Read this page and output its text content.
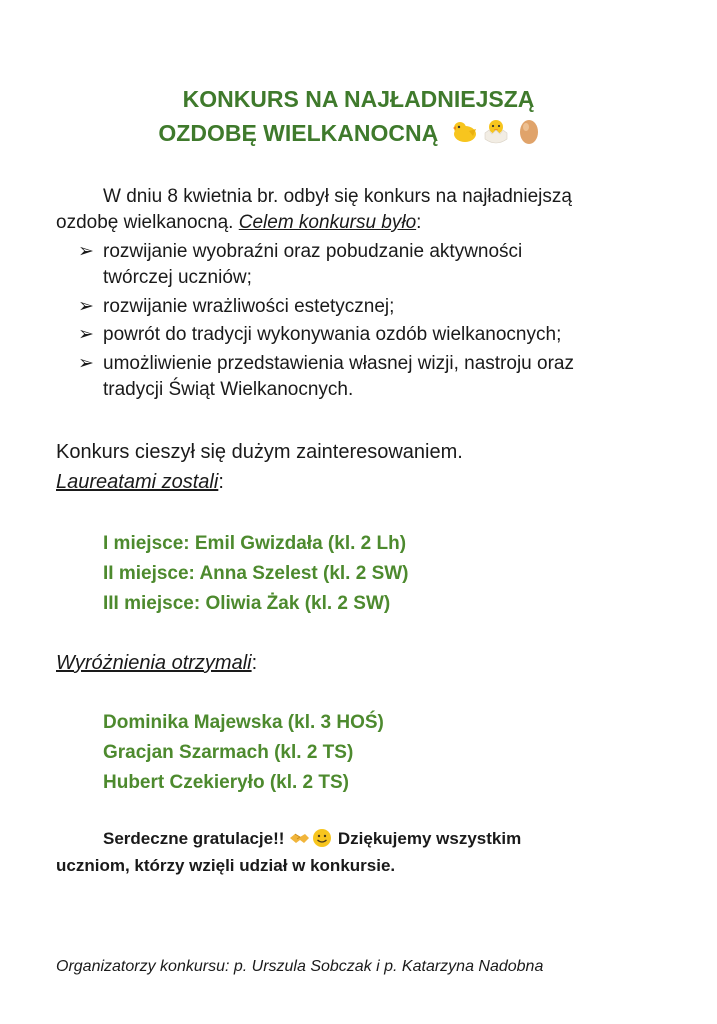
KONKURS NA NAJŁADNIEJSZĄ
OZDOBĘ WIELKANOCNĄ
W dniu 8 kwietnia br. odbył się konkurs na najładniejszą
ozdobę wielkanocną. Celem konkursu było:
➢ rozwijanie wyobraźni oraz pobudzanie aktywności
twórczej uczniów;
➢ rozwijanie wrażliwości estetycznej;
➢ powrót do tradycji wykonywania ozdób wielkanocnych;
➢ umożliwienie przedstawienia własnej wizji, nastroju oraz
tradycji Świąt Wielkanocnych.
Konkurs cieszył się dużym zainteresowaniem.
Laureatami zostali:
I miejsce: Emil Gwizdała (kl. 2 Lh)
II miejsce: Anna Szelest (kl. 2 SW)
III miejsce: Oliwia Żak (kl. 2 SW)
Wyróżnienia otrzymali:
Dominika Majewska (kl. 3 HOŚ)
Gracjan Szarmach (kl. 2 TS)
Hubert Czekieryło (kl. 2 TS)
Serdeczne gratulacje!!	Dziękujemy wszystkim
uczniom, którzy wzięli udział w konkursie.
Organizatorzy konkursu: p. Urszula Sobczak i p. Katarzyna Nadobna
